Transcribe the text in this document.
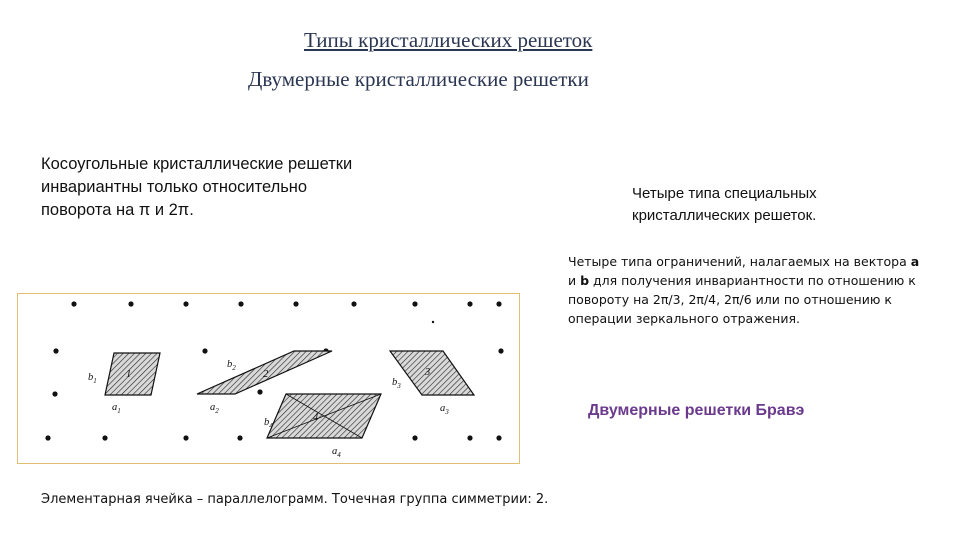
Типы кристаллических решеток
Двумерные кристаллические решетки
Косоугольные кристаллические решетки инвариантны только относительно поворота на π и 2π.
Четыре типа специальных кристаллических решеток.
Четыре типа ограничений, налагаемых на вектора a и b для получения инвариантности по отношению к повороту на 2π/3, 2π/4, 2π/6 или по отношению к операции зеркального отражения.
Двумерные решетки Бравэ
1	2	3
4
$b_1$
$a_1$
$b_2$
$a_2$
$b_3$
$a_3$
$b_4$
$a_4$
Элементарная ячейка – параллелограмм. Точечная группа симметрии: 2.
